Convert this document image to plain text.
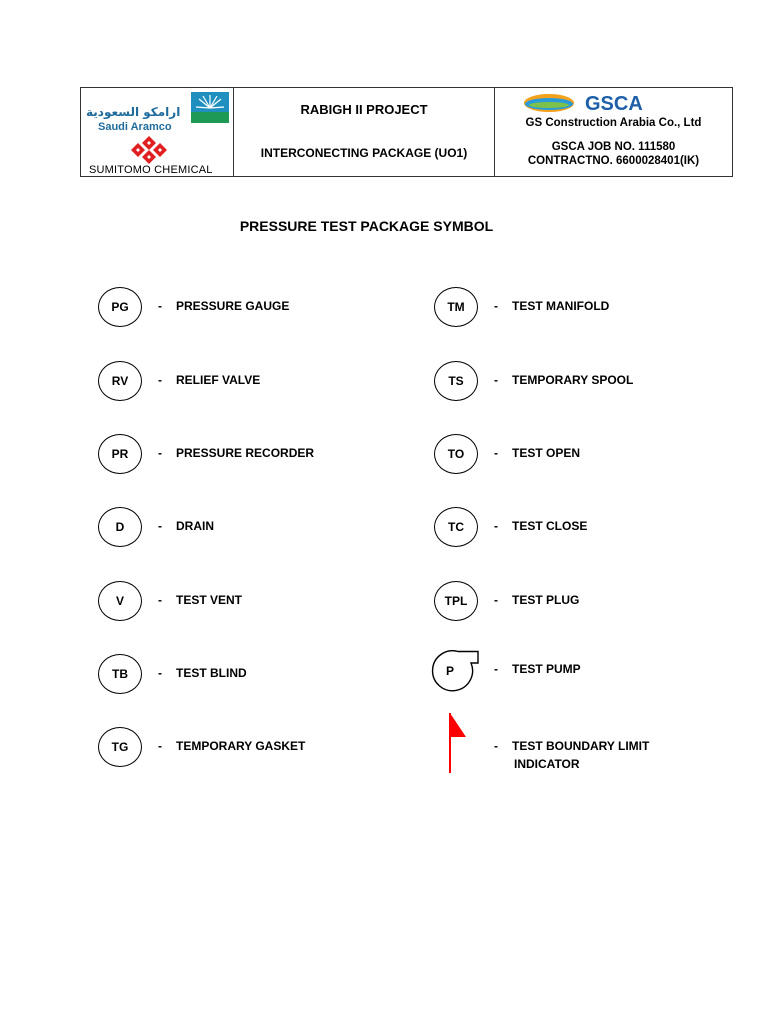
ارامكو السعودية
Saudi Aramco
SUMITOMO CHEMICAL
RABIGH II PROJECT
INTERCONECTING PACKAGE (UO1)
GSCA
GS Construction Arabia Co., Ltd
GSCA JOB NO. 111580
CONTRACTNO. 6600028401(IK)
PRESSURE TEST PACKAGE SYMBOL
PG	- PRESSURE GAUGE
RV	- RELIEF VALVE
PR	- PRESSURE RECORDER
D	- DRAIN
V	- TEST VENT
TB	- TEST BLIND
TG	- TEMPORARY GASKET
TM	- TEST MANIFOLD
TS	- TEMPORARY SPOOL
TO	- TEST OPEN
TC	- TEST CLOSE
TPL	- TEST PLUG
P	- TEST PUMP
- TEST BOUNDARY LIMIT
INDICATOR
